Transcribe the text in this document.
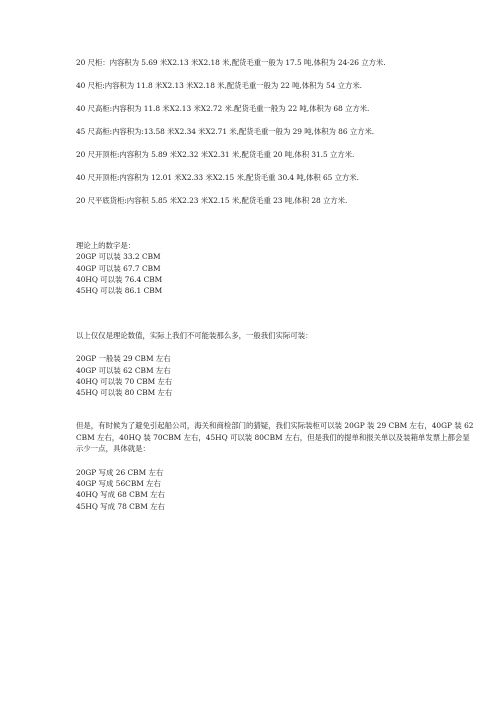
20 尺柜：内容积为 5.69 米X2.13 米X2.18 米,配货毛重一般为 17.5 吨,体积为 24-26 立方米.
40 尺柜:内容积为 11.8 米X2.13 米X2.18 米,配货毛重一般为 22 吨,体积为 54 立方米.
40 尺高柜:内容积为 11.8 米X2.13 米X2.72 米.配货毛重一般为 22 吨,体积为 68 立方米.
45 尺高柜:内容积为:13.58 米X2.34 米X2.71 米,配货毛重一般为 29 吨,体积为 86 立方米.
20 尺开顶柜:内容积为 5.89 米X2.32 米X2.31 米,配货毛重 20 吨,体积 31.5 立方米.
40 尺开顶柜:内容积为 12.01 米X2.33 米X2.15 米,配货毛重 30.4 吨,体积 65 立方米.
20 尺平底货柜:内容积 5.85 米X2.23 米X2.15 米,配货毛重 23 吨,体积 28 立方米.
理论上的数字是：
20GP 可以装 33.2 CBM
40GP 可以装 67.7 CBM
40HQ 可以装 76.4 CBM
45HQ 可以装 86.1 CBM
以上仅仅是理论数值，实际上我们不可能装那么多，一般我们实际可装：
20GP 一般装 29 CBM 左右
40GP 可以装 62 CBM 左右
40HQ 可以装 70 CBM 左右
45HQ 可以装 80 CBM 左右
但是，有时候为了避免引起船公司，海关和商检部门的猜疑，我们实际装柜可以装 20GP 装 29 CBM 左右，40GP 装 62 CBM 左右，40HQ 装 70CBM 左右，45HQ 可以装 80CBM 左右，但是我们的提单和报关单以及装箱单发票上都会显示少一点，具体就是：
20GP 写成 26 CBM 左右
40GP 写成 56CBM 左右
40HQ 写成 68 CBM 左右
45HQ 写成 78 CBM 左右
